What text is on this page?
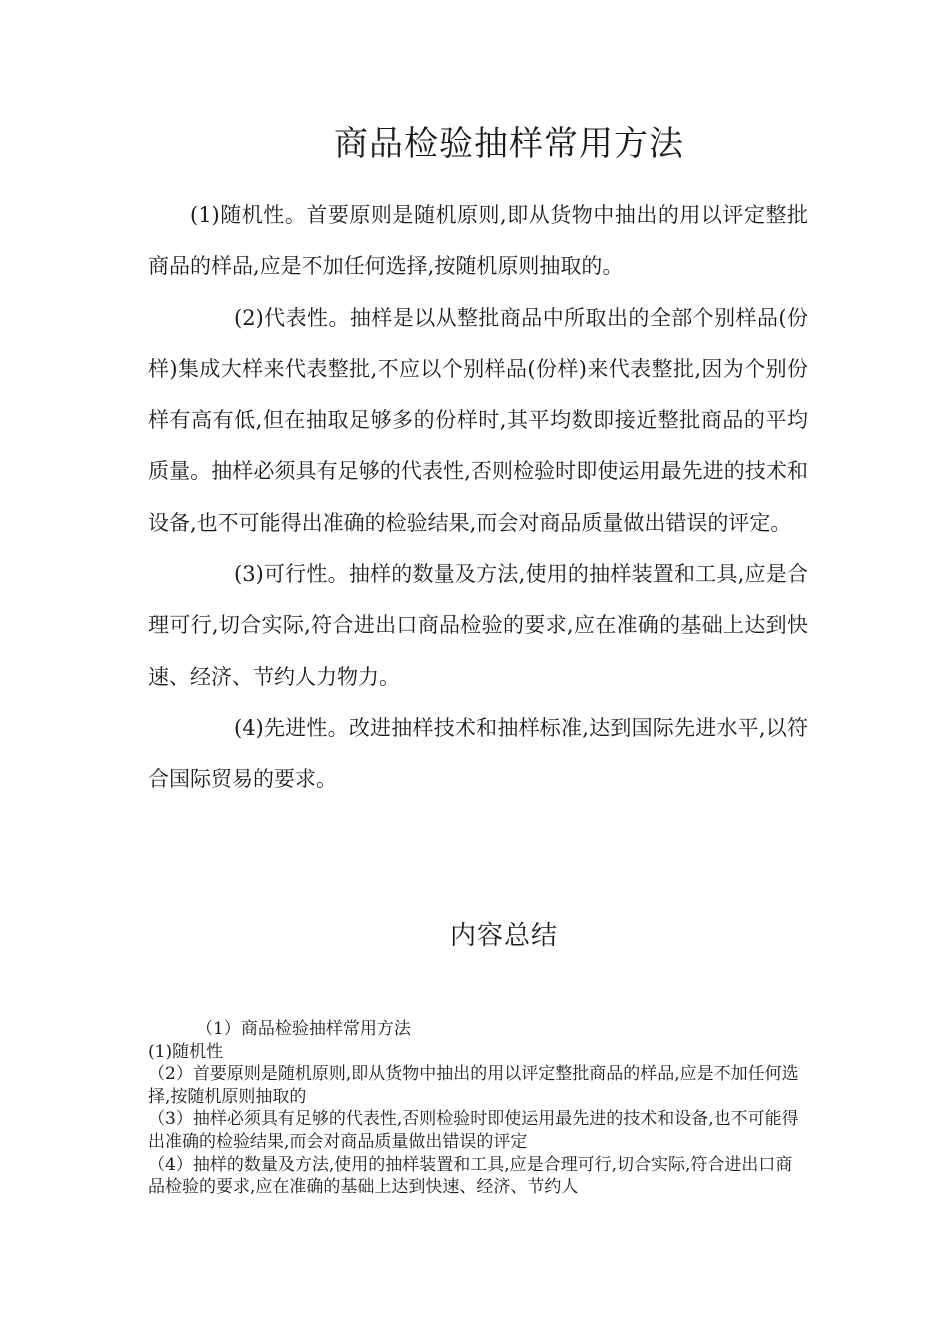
商品检验抽样常用方法

(1)随机性。首要原则是随机原则,即从货物中抽出的用以评定整批商品的样品,应是不加任何选择,按随机原则抽取的。

(2)代表性。抽样是以从整批商品中所取出的全部个别样品(份样)集成大样来代表整批,不应以个别样品(份样)来代表整批,因为个别份样有高有低,但在抽取足够多的份样时,其平均数即接近整批商品的平均质量。抽样必须具有足够的代表性,否则检验时即使运用最先进的技术和设备,也不可能得出准确的检验结果,而会对商品质量做出错误的评定。

(3)可行性。抽样的数量及方法,使用的抽样装置和工具,应是合理可行,切合实际,符合进出口商品检验的要求,应在准确的基础上达到快速、经济、节约人力物力。

(4)先进性。改进抽样技术和抽样标准,达到国际先进水平,以符合国际贸易的要求。

内容总结

（1）商品检验抽样常用方法

(1)随机性

（2）首要原则是随机原则,即从货物中抽出的用以评定整批商品的样品,应是不加任何选择,按随机原则抽取的

（3）抽样必须具有足够的代表性,否则检验时即使运用最先进的技术和设备,也不可能得出准确的检验结果,而会对商品质量做出错误的评定

（4）抽样的数量及方法,使用的抽样装置和工具,应是合理可行,切合实际,符合进出口商品检验的要求,应在准确的基础上达到快速、经济、节约人
